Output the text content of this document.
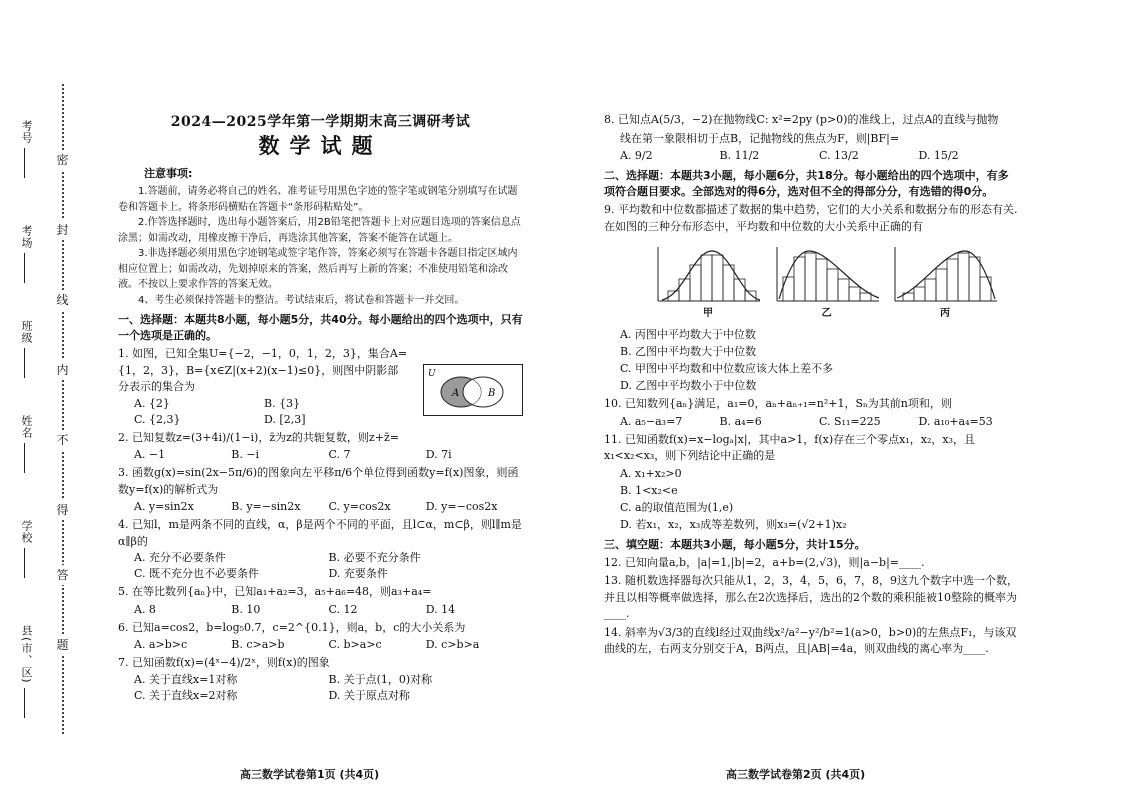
密
封
线
内
不
得
答
题
考号
考场
班级
姓名
学校
县(市、区)
2024—2025学年第一学期期末高三调研考试
数学试题
注意事项:
1.答题前，请务必将自己的姓名、准考证号用黑色字迹的签字笔或钢笔分别填写在试题卷和答题卡上。将条形码横贴在答题卡“条形码粘贴处”。
2.作答选择题时，选出每小题答案后，用2B铅笔把答题卡上对应题目选项的答案信息点涂黑；如需改动，用橡皮擦干净后，再选涂其他答案，答案不能答在试题上。
3.非选择题必须用黑色字迹钢笔或签字笔作答，答案必须写在答题卡各题目指定区域内相应位置上；如需改动，先划掉原来的答案，然后再写上新的答案；不准使用铅笔和涂改液。不按以上要求作答的答案无效。
4、考生必须保持答题卡的整洁。考试结束后，将试卷和答题卡一并交回。
一、选择题：本题共8小题，每小题5分，共40分。每小题给出的四个选项中，只有一个选项是正确的。
1. 如图，已知全集U={−2，−1，0，1，2，3}，集合A={1，2，3}，B={x∈Z|(x+2)(x−1)≤0}，则图中阴影部分表示的集合为
A. {2}	B. {3}
C. {2,3}	D. [2,3]
2. 已知复数z=(3+4i)/(1−i)，z̄为z的共轭复数，则z+z̄=
A. −1	B. −i	C. 7	D. 7i
3. 函数g(x)=sin(2x−5π/6)的图象向左平移π/6个单位得到函数y=f(x)图象，则函数y=f(x)的解析式为
A. y=sin2x	B. y=−sin2x	C. y=cos2x	D. y=−cos2x
4. 已知l，m是两条不同的直线，α，β是两个不同的平面，且l⊂α，m⊂β，则l∥m是α∥β的
A. 充分不必要条件	B. 必要不充分条件
C. 既不充分也不必要条件	D. 充要条件
5. 在等比数列{aₙ}中，已知a₁+a₂=3，a₅+a₆=48，则a₃+a₄=
A. 8	B. 10	C. 12	D. 14
6. 已知a=cos2，b=log₅0.7，c=2^{0.1}，则a，b，c的大小关系为
A. a>b>c	B. c>a>b	C. b>a>c	D. c>b>a
7. 已知函数f(x)=(4ˣ−4)/2ˣ，则f(x)的图象
A. 关于直线x=1对称	B. 关于点(1，0)对称
C. 关于直线x=2对称	D. 关于原点对称
U
A	B
高三数学试卷第1页 (共4页)
8. 已知点A(5/3，−2)在抛物线C: x²=2py (p>0)的准线上，过点A的直线与抛物
线在第一象限相切于点B，记抛物线的焦点为F，则|BF|=
A. 9/2	B. 11/2	C. 13/2	D. 15/2
二、选择题：本题共3小题，每小题6分，共18分。每小题给出的四个选项中，有多项符合题目要求。全部选对的得6分，选对但不全的得部分分，有选错的得0分。
9. 平均数和中位数都描述了数据的集中趋势，它们的大小关系和数据分布的形态有关.在如图的三种分布形态中，平均数和中位数的大小关系中正确的有
甲	乙	丙
A. 丙图中平均数大于中位数
B. 乙图中平均数大于中位数
C. 甲图中平均数和中位数应该大体上差不多
D. 乙图中平均数小于中位数
10. 已知数列{aₙ}满足，a₁=0，aₙ+aₙ₊₁=n²+1，Sₙ为其前n项和，则
A. a₅−a₃=7	B. a₄=6	C. S₁₁=225	D. a₁₀+a₄=53
11. 已知函数f(x)=x−logₐ|x|，其中a>1，f(x)存在三个零点x₁，x₂，x₃，且x₁<x₂<x₃，则下列结论中正确的是
A. x₁+x₂>0
B. 1<x₂<e
C. a的取值范围为(1,e)
D. 若x₁，x₂，x₃成等差数列，则x₃=(√2+1)x₂
三、填空题：本题共3小题，每小题5分，共计15分。
12. 已知向量a,b，|a|=1,|b|=2，a+b=(2,√3)，则|a−b|=____.
13. 随机数选择器每次只能从1，2，3，4，5，6，7，8，9这九个数字中选一个数，并且以相等概率做选择，那么在2次选择后，选出的2个数的乘积能被10整除的概率为____.
14. 斜率为√3/3的直线l经过双曲线x²/a²−y²/b²=1(a>0，b>0)的左焦点F₁，与该双曲线的左，右两支分别交于A，B两点，且|AB|=4a，则双曲线的离心率为____.
高三数学试卷第2页 (共4页)
